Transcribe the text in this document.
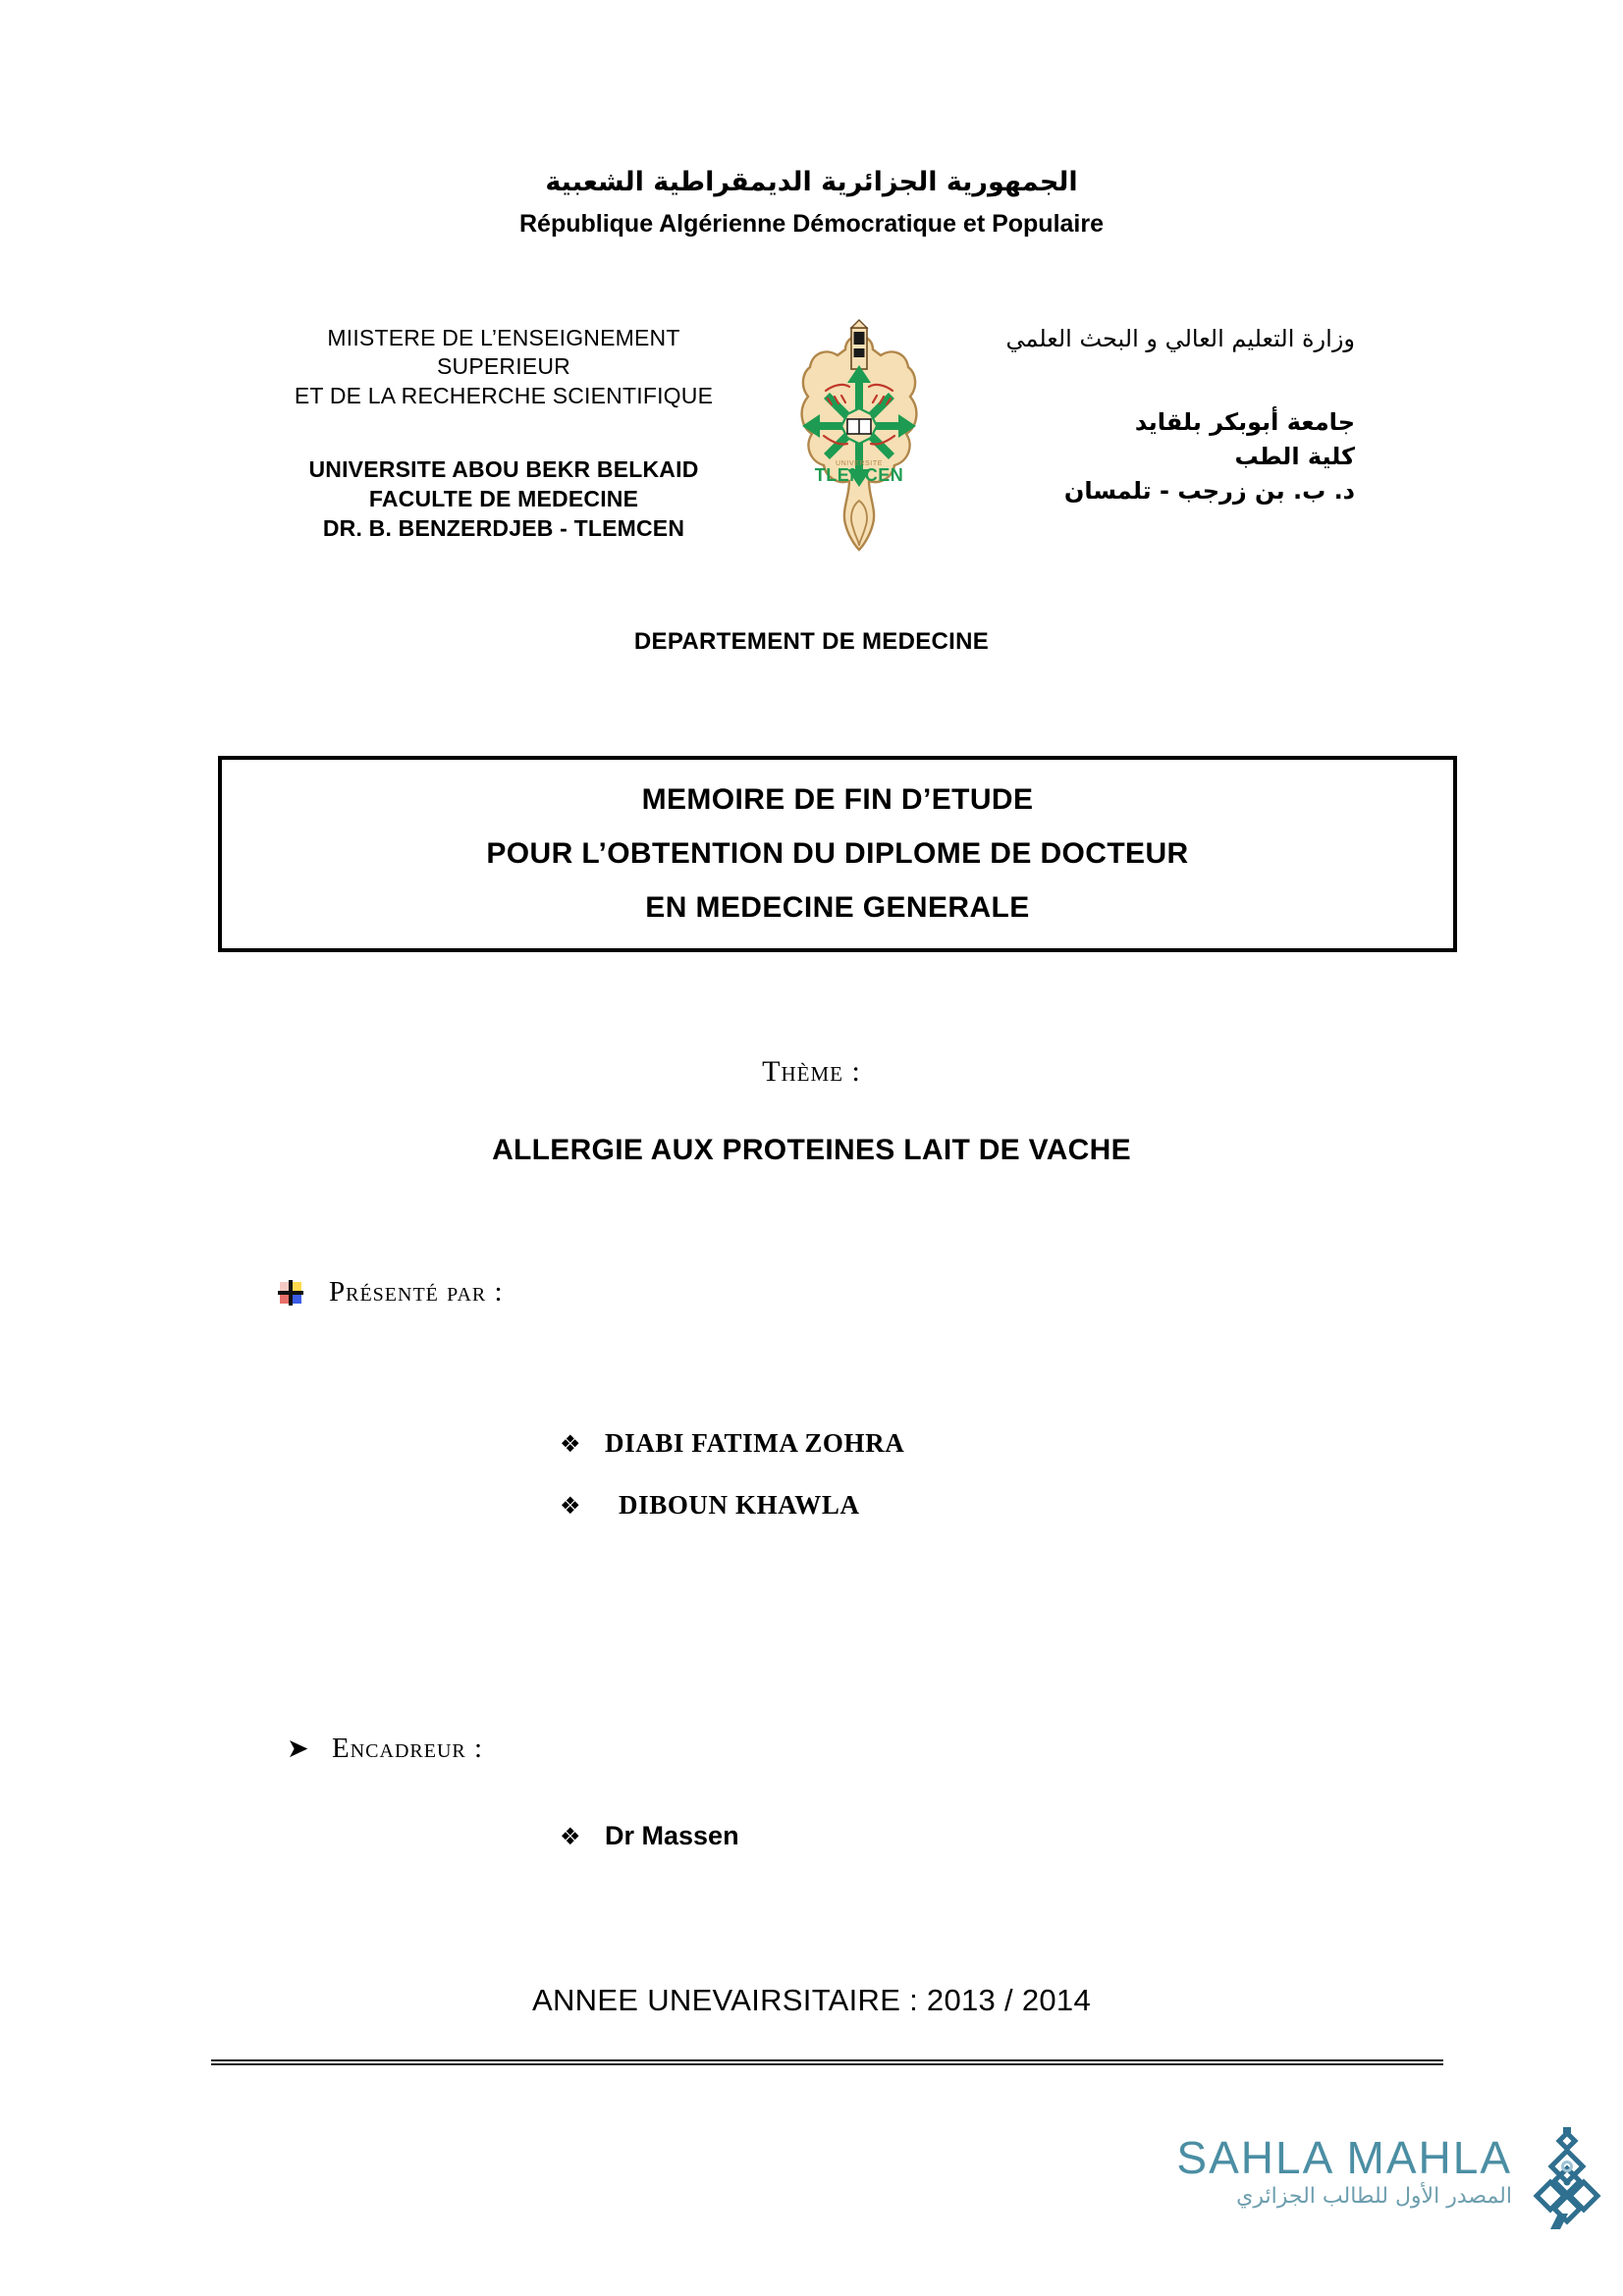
الجمهورية الجزائرية الديمقراطية الشعبية
République Algérienne Démocratique et Populaire
MIISTERE DE L’ENSEIGNEMENT
SUPERIEUR
ET DE LA RECHERCHE SCIENTIFIQUE
UNIVERSITE ABOU BEKR BELKAID
FACULTE DE MEDECINE
DR. B. BENZERDJEB - TLEMCEN
UNIVERSITE
TLEMCEN
وزارة التعليم العالي و البحث العلمي
جامعة أبوبكر بلقايد
كلية الطب
د. ب. بن زرجب - تلمسان
DEPARTEMENT DE MEDECINE
MEMOIRE DE FIN D’ETUDE
POUR L’OBTENTION DU DIPLOME DE DOCTEUR
EN MEDECINE GENERALE
Thème :
ALLERGIE AUX PROTEINES LAIT DE VACHE
Présenté par :
❖ DIABI FATIMA ZOHRA
❖	DIBOUN KHAWLA
➤ Encadreur :
❖ Dr Massen
ANNEE UNEVAIRSITAIRE : 2013 / 2014
SAHLA MAHLA
المصدر الأول للطالب الجزائري
